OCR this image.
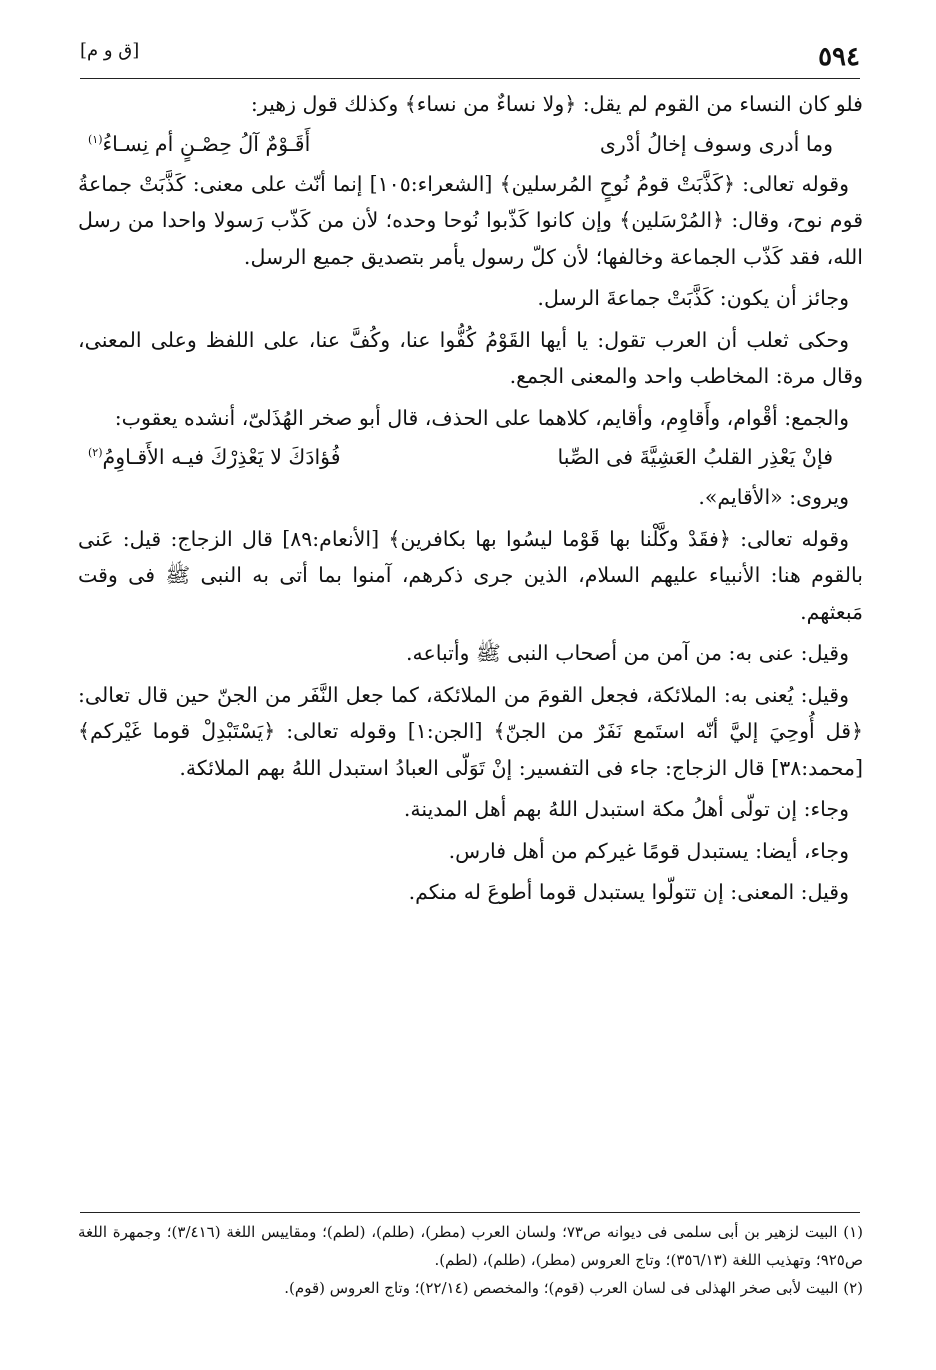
٥٩٤
[ق و م]

فلو كان النساء من القوم لم يقل: ﴿ولا نساءٌ من نساء﴾ وكذلك قول زهير:

وما أدرى وسوف إخالُ أدْرى
أَقَـوْمٌ آلُ حِصْـنٍ أم نِسـاءُ$^{(١)}$

وقوله تعالى: ﴿كَذَّبَتْ قومُ نُوحٍ المُرسلين﴾ [الشعراء:١٠٥] إنما أنّث على معنى: كَذَّبَتْ جماعةُ قوم نوح، وقال: ﴿المُرْسَلين﴾ وإن كانوا كَذّبوا نُوحا وحده؛ لأن من كَذّب رَسولا واحدا من رسل الله، فقد كَذّب الجماعة وخالفها؛ لأن كلّ رسول يأمر بتصديق جميع الرسل.

وجائز أن يكون: كَذَّبَتْ جماعةَ الرسل.

وحكى ثعلب أن العرب تقول: يا أيها القَوْمُ كُفُّوا عنا، وكُفَّ عنا، على اللفظ وعلى المعنى، وقال مرة: المخاطب واحد والمعنى الجمع.

والجمع: أقْوام، وأَقاوِم، وأقايم، كلاهما على الحذف، قال أبو صخر الهُذَلىّ، أنشده يعقوب:

فإنْ يَعْذِر القلبُ العَشِيَّةَ فى الصِّبا
فُؤادَكَ لا يَعْذِرْكَ فيـه الأَقـاوِمُ$^{(٢)}$

ويروى: «الأقايم».

وقوله تعالى: ﴿فقَدْ وكَّلْنا بها قَوْما ليسُوا بها بكافرين﴾ [الأنعام:٨٩] قال الزجاج: قيل: عَنى بالقوم هنا: الأنبياء عليهم السلام، الذين جرى ذكرهم، آمنوا بما أتى به النبى ﷺ فى وقت مَبعثهم.

وقيل: عنى به: من آمن من أصحاب النبى ﷺ وأتباعه.

وقيل: يُعنى به: الملائكة، فجعل القومَ من الملائكة، كما جعل النَّفَر من الجنّ حين قال تعالى: ﴿قل أُوحِيَ إليَّ أنّه استَمع نَفَرٌ من الجنّ﴾ [الجن:١] وقوله تعالى: ﴿يَسْتَبْدِلْ قوما غَيْركم﴾ [محمد:٣٨] قال الزجاج: جاء فى التفسير: إنْ تَوَلّى العبادُ استبدل اللهُ بهم الملائكة.

وجاء: إن تولّى أهلُ مكة استبدل اللهُ بهم أهل المدينة.

وجاء، أيضا: يستبدل قومًا غيركم من أهل فارس.

وقيل: المعنى: إن تتولّوا يستبدل قوما أطوعَ له منكم.

(١) البيت لزهير بن أبى سلمى فى ديوانه ص٧٣؛ ولسان العرب (مطر)، (طلم)، (لطم)؛ ومقاييس اللغة (٣/٤١٦)؛ وجمهرة اللغة ص٩٢٥؛ وتهذيب اللغة (٣٥٦/١٣)؛ وتاج العروس (مطر)، (طلم)، (لطم).

(٢) البيت لأبى صخر الهذلى فى لسان العرب (قوم)؛ والمخصص (٢٢/١٤)؛ وتاج العروس (قوم).
